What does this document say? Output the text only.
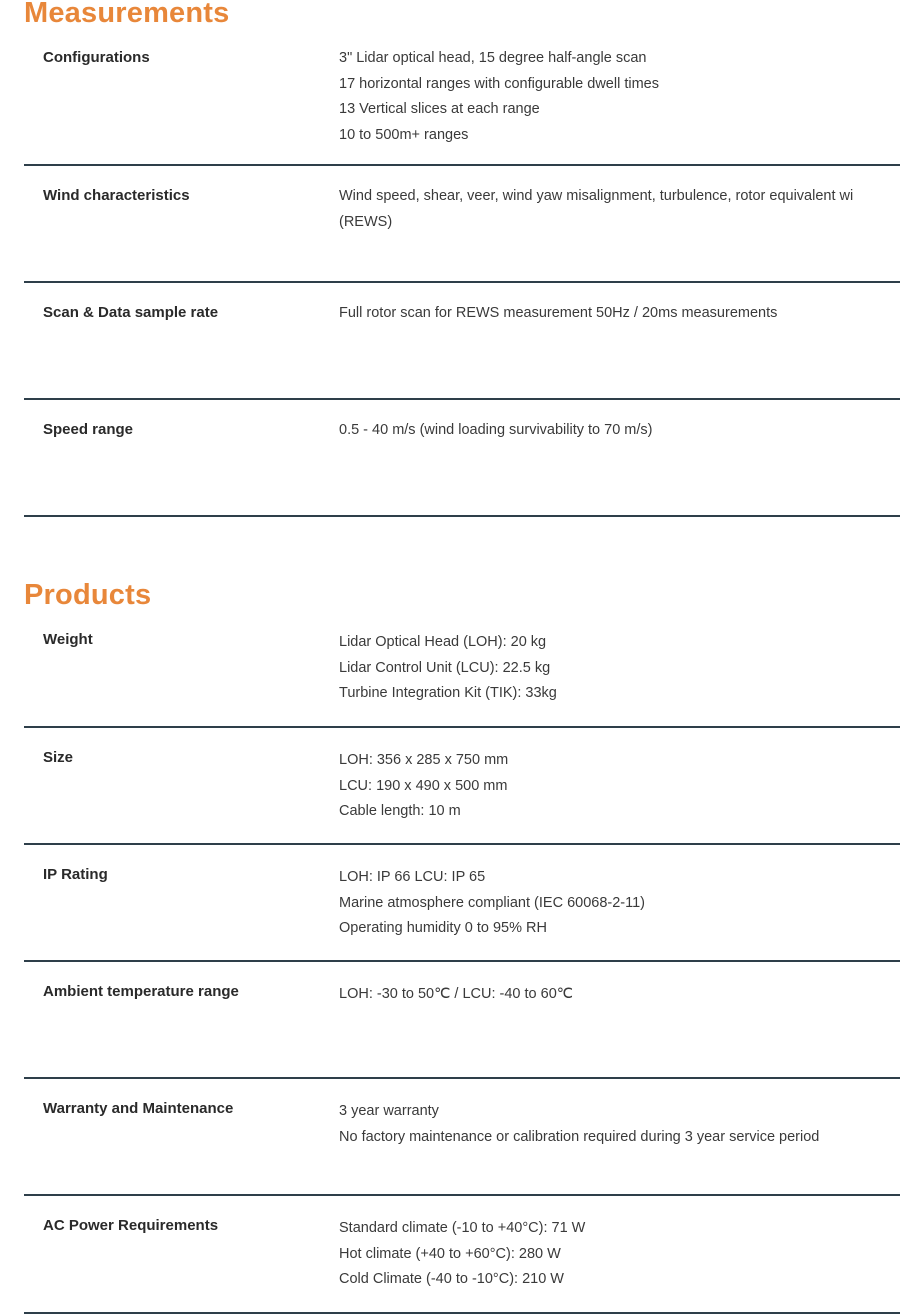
Measurements
Configurations	3" Lidar optical head, 15 degree half-angle scan
17 horizontal ranges with configurable dwell times
13 Vertical slices at each range
10 to 500m+ ranges
Wind characteristics	Wind speed, shear, veer, wind yaw misalignment, turbulence, rotor equivalent wi
(REWS)
Scan & Data sample rate	Full rotor scan for REWS measurement 50Hz / 20ms measurements
Speed range	0.5 - 40 m/s (wind loading survivability to 70 m/s)
Products
Weight	Lidar Optical Head (LOH): 20 kg
Lidar Control Unit (LCU): 22.5 kg
Turbine Integration Kit (TIK): 33kg
Size	LOH: 356 x 285 x 750 mm
LCU: 190 x 490 x 500 mm
Cable length: 10 m
IP Rating	LOH: IP 66 LCU: IP 65
Marine atmosphere compliant (IEC 60068-2-11)
Operating humidity 0 to 95% RH
Ambient temperature range	LOH: -30 to 50℃ / LCU: -40 to 60℃
Warranty and Maintenance	3 year warranty
No factory maintenance or calibration required during 3 year service period
AC Power Requirements	Standard climate (-10 to +40°C): 71 W
Hot climate (+40 to +60°C): 280 W
Cold Climate (-40 to -10°C): 210 W
